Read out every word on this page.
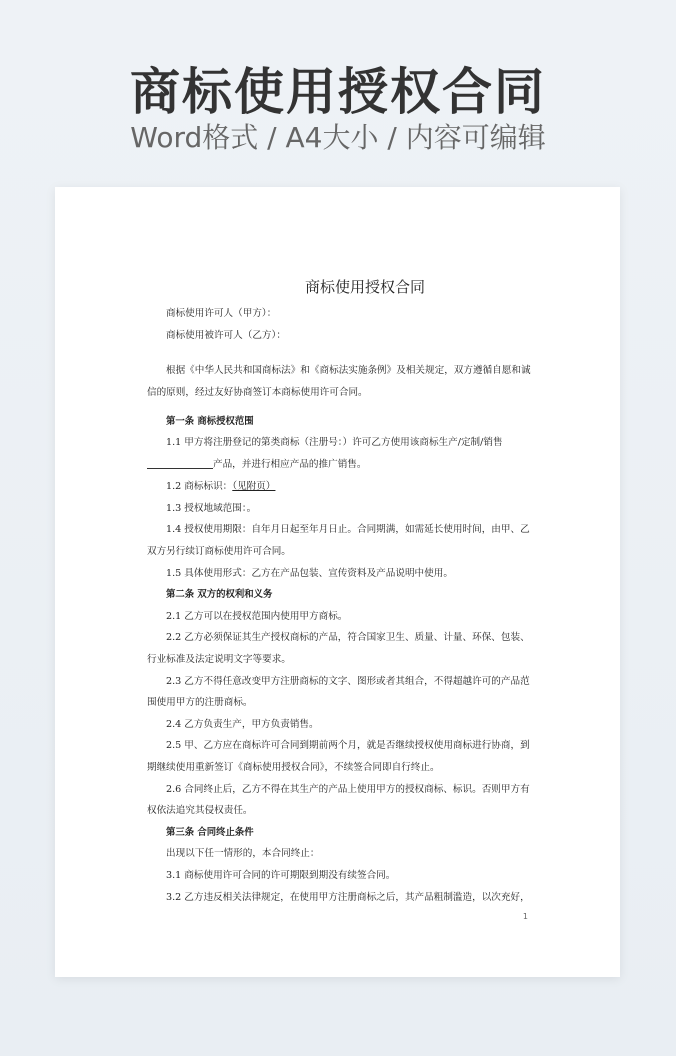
商标使用授权合同
Word格式 / A4大小 / 内容可编辑
商标使用授权合同
商标使用许可人（甲方）：
商标使用被许可人（乙方）：
根据《中华人民共和国商标法》和《商标法实施条例》及相关规定，双方遵循自愿和诚
信的原则，经过友好协商签订本商标使用许可合同。
第一条 商标授权范围
1.1 甲方将注册登记的第类商标（注册号：）许可乙方使用该商标生产/定制/销售
产品，并进行相应产品的推广销售。
1.2 商标标识：（见附页）
1.3 授权地域范围：。
1.4 授权使用期限：自年月日起至年月日止。合同期满，如需延长使用时间，由甲、乙
双方另行续订商标使用许可合同。
1.5 具体使用形式：乙方在产品包装、宣传资料及产品说明中使用。
第二条 双方的权利和义务
2.1 乙方可以在授权范围内使用甲方商标。
2.2 乙方必须保证其生产授权商标的产品，符合国家卫生、质量、计量、环保、包装、
行业标准及法定说明文字等要求。
2.3 乙方不得任意改变甲方注册商标的文字、图形或者其组合，不得超越许可的产品范
围使用甲方的注册商标。
2.4 乙方负责生产，甲方负责销售。
2.5 甲、乙方应在商标许可合同到期前两个月，就是否继续授权使用商标进行协商，到
期继续使用重新签订《商标使用授权合同》，不续签合同即自行终止。
2.6 合同终止后，乙方不得在其生产的产品上使用甲方的授权商标、标识。否则甲方有
权依法追究其侵权责任。
第三条 合同终止条件
出现以下任一情形的，本合同终止：
3.1 商标使用许可合同的许可期限到期没有续签合同。
3.2 乙方违反相关法律规定，在使用甲方注册商标之后，其产品粗制滥造，以次充好，
1
